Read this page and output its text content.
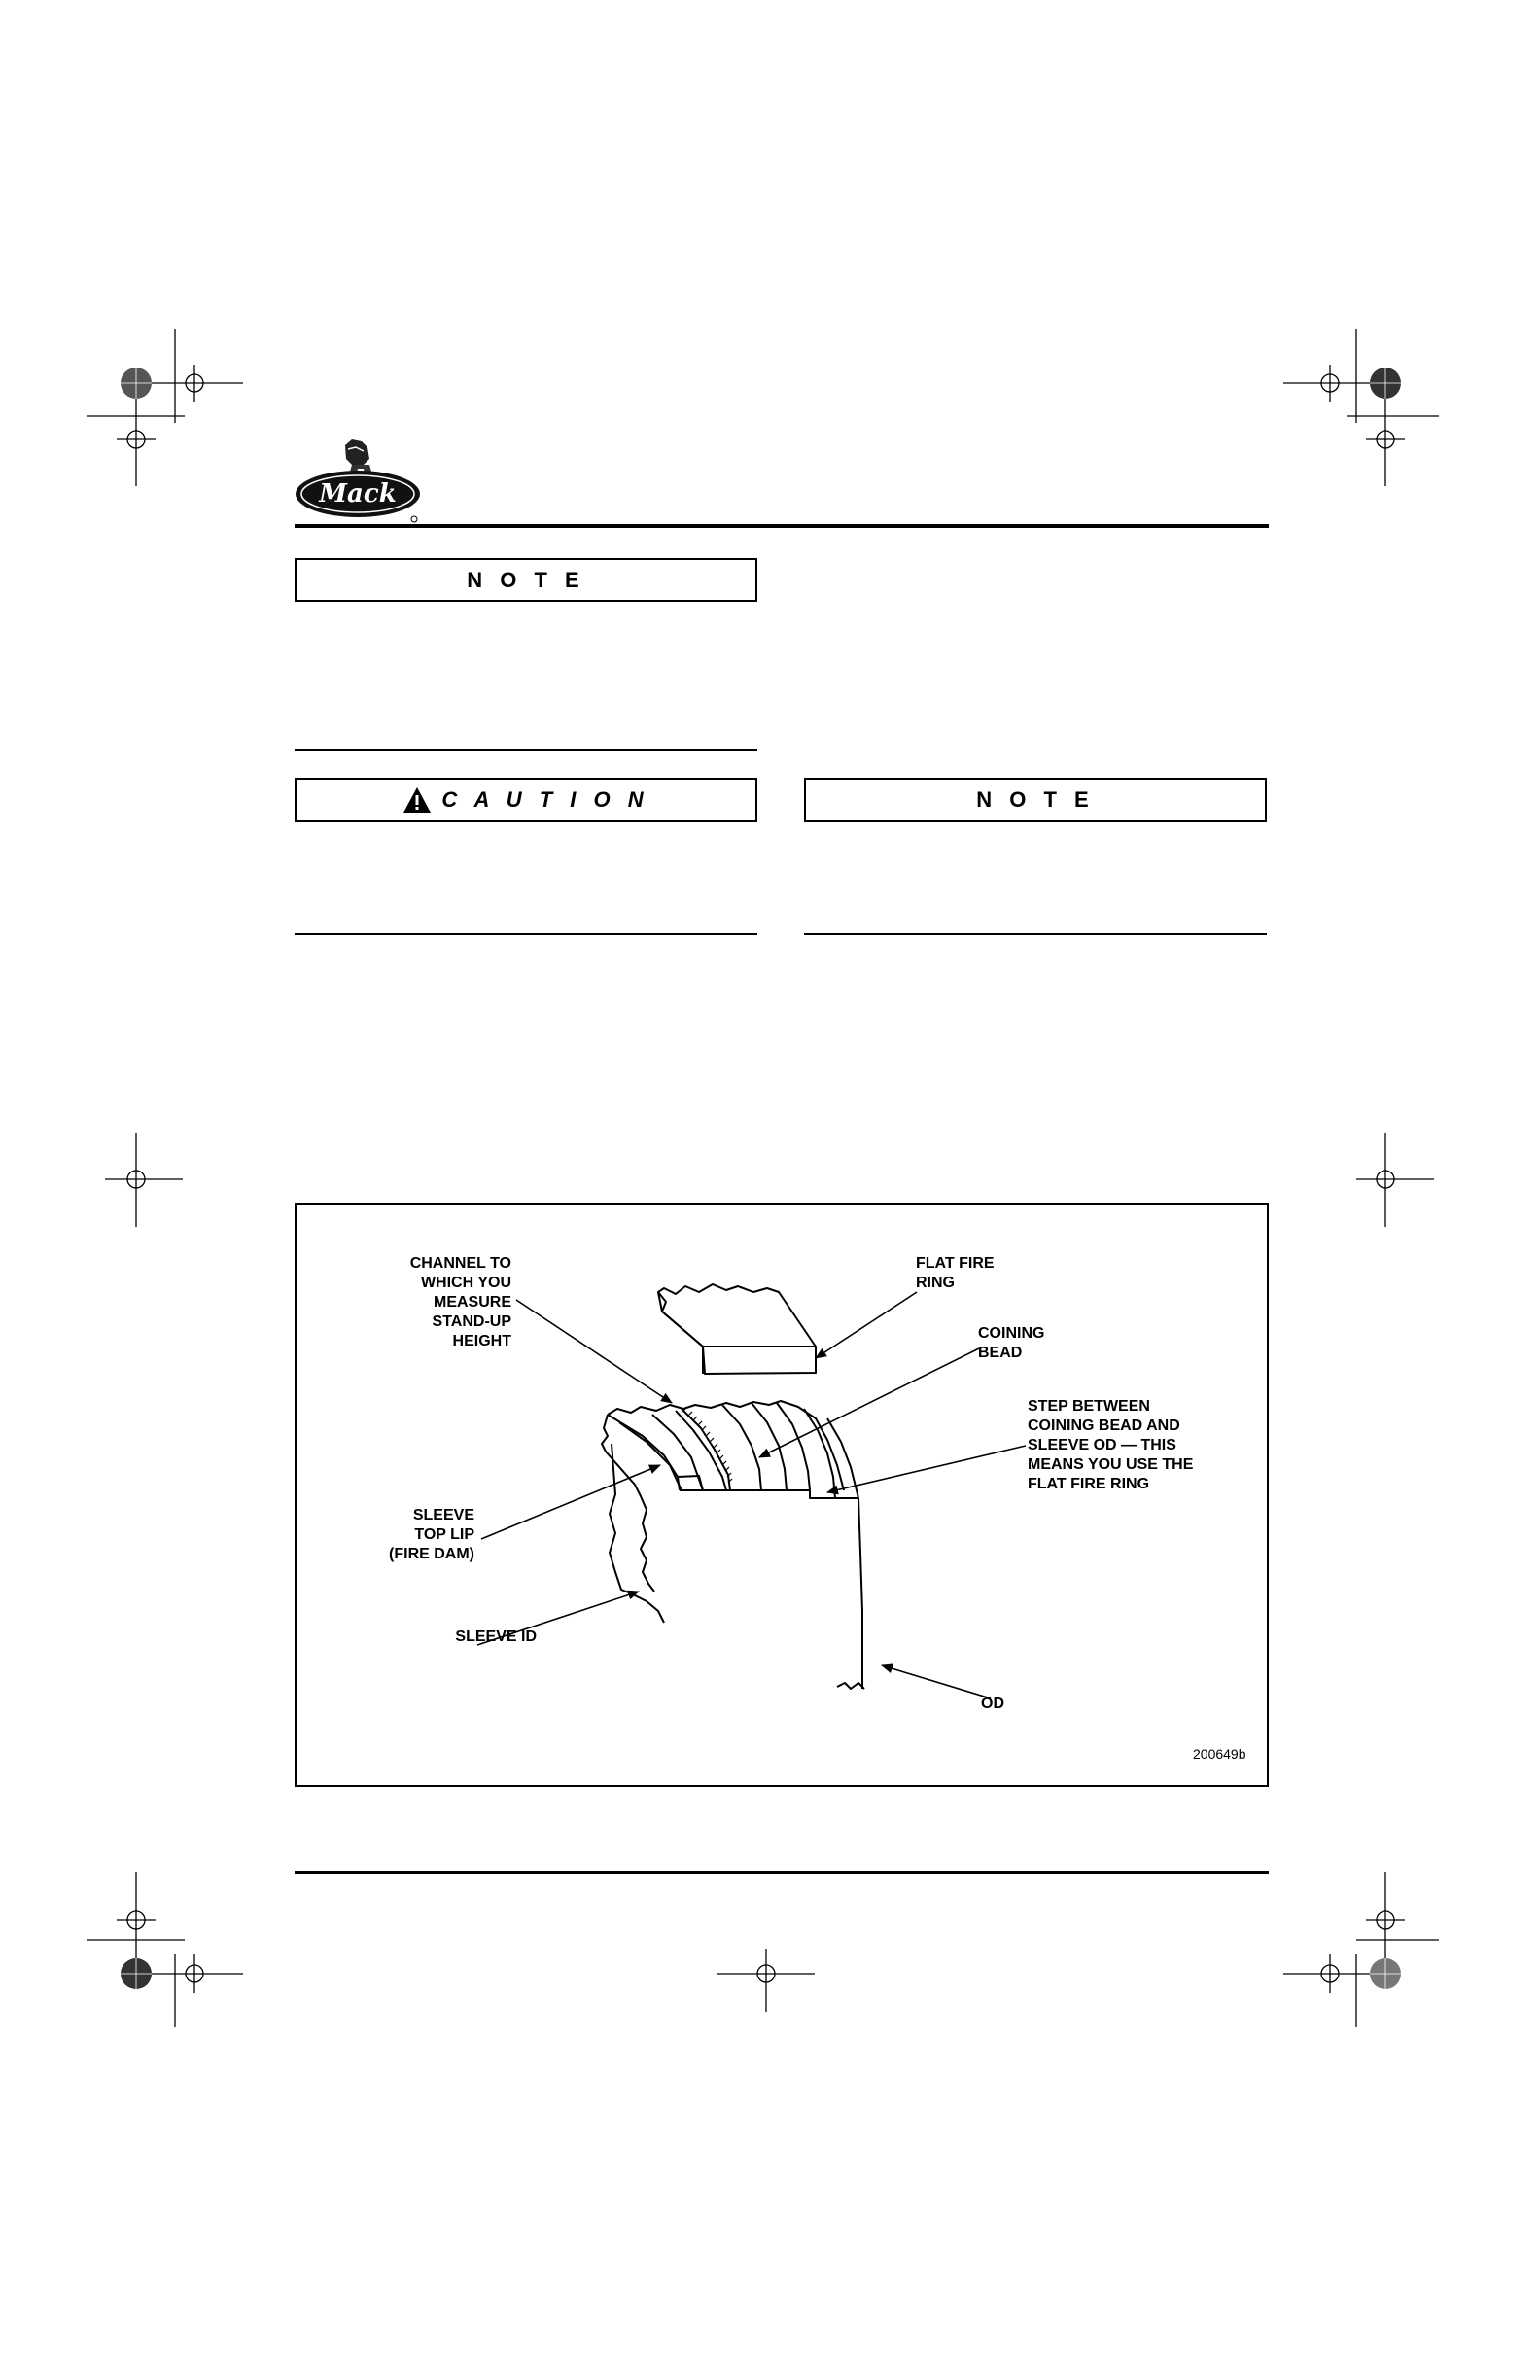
Mack
N O T E
C A U T I O N	N O T E
CHANNEL TO
WHICH YOU
MEASURE
STAND-UP
HEIGHT
FLAT FIRE
RING
COINING
BEAD
STEP BETWEEN
COINING BEAD AND
SLEEVE OD — THIS
MEANS YOU USE THE
FLAT FIRE RING
SLEEVE
TOP LIP
(FIRE DAM)
SLEEVE ID
OD
200649b
